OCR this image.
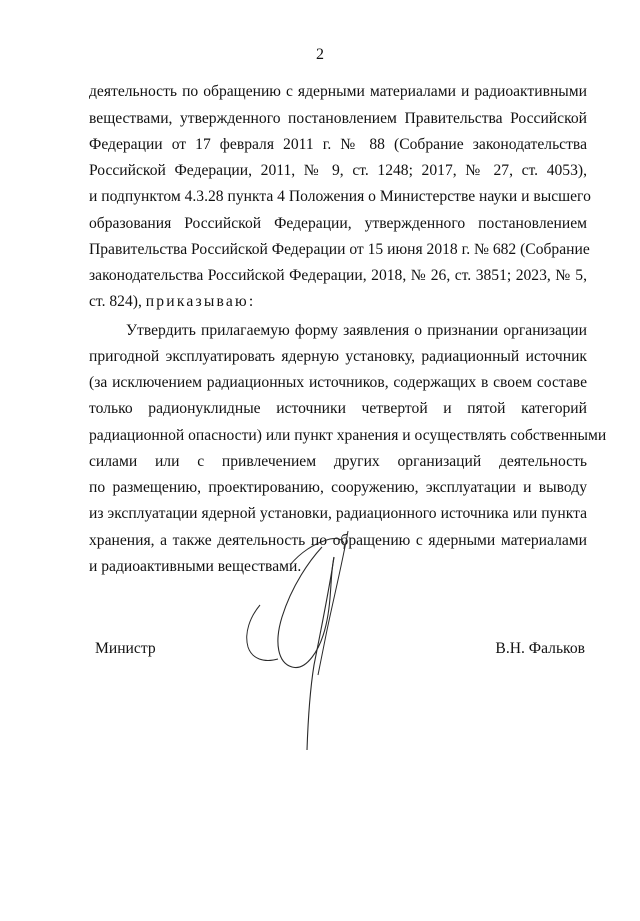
2
деятельность по обращению с ядерными материалами и радиоактивными
веществами, утвержденного постановлением Правительства Российской
Федерации от 17 февраля 2011 г. № 88 (Собрание законодательства
Российской Федерации, 2011, № 9, ст. 1248; 2017, № 27, ст. 4053),
и подпунктом 4.3.28 пункта 4 Положения о Министерстве науки и высшего
образования Российской Федерации, утвержденного постановлением
Правительства Российской Федерации от 15 июня 2018 г. № 682 (Собрание
законодательства Российской Федерации, 2018, № 26, ст. 3851; 2023, № 5,
ст. 824), приказываю:
Утвердить прилагаемую форму заявления о признании организации
пригодной эксплуатировать ядерную установку, радиационный источник
(за исключением радиационных источников, содержащих в своем составе
только радионуклидные источники четвертой и пятой категорий
радиационной опасности) или пункт хранения и осуществлять собственными
силами или с привлечением других организаций деятельность
по размещению, проектированию, сооружению, эксплуатации и выводу
из эксплуатации ядерной установки, радиационного источника или пункта
хранения, а также деятельность по обращению с ядерными материалами
и радиоактивными веществами.
Министр	В.Н. Фальков
